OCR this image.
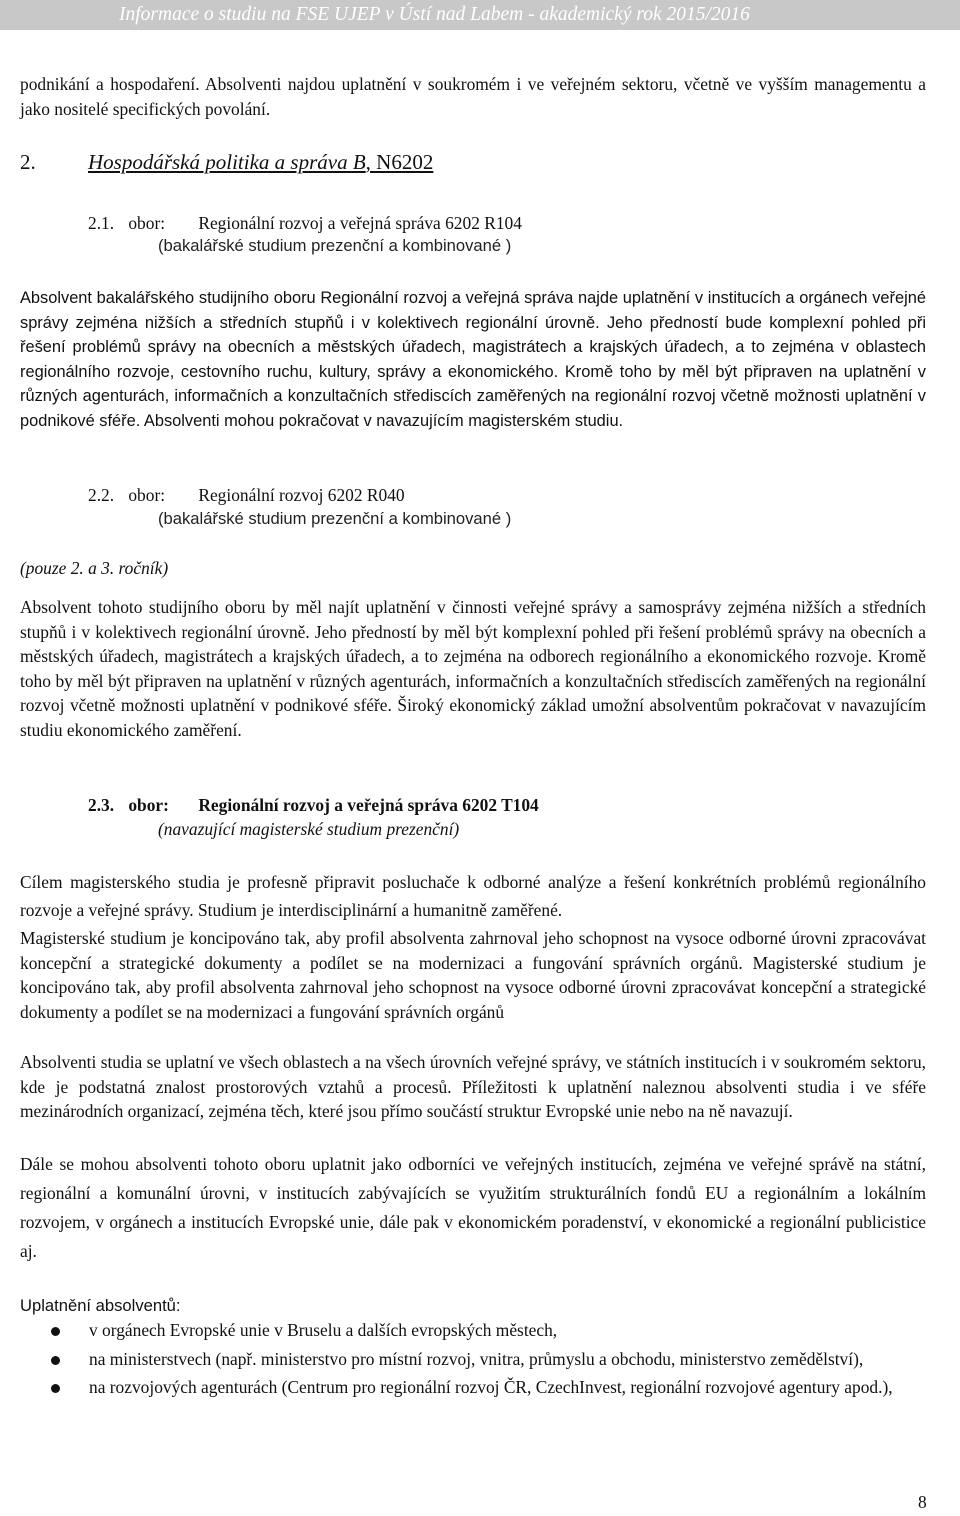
Informace o studiu na FSE UJEP v Ústí nad Labem - akademický rok 2015/2016

podnikání a hospodaření. Absolventi najdou uplatnění v soukromém i ve veřejném sektoru, včetně ve vyšším managementu a jako nositelé specifických povolání.

2. Hospodářská politika a správa B, N6202
2.1. obor: Regionální rozvoj a veřejná správa 6202 R104
(bakalářské studium prezenční a kombinované )

Absolvent bakalářského studijního oboru Regionální rozvoj a veřejná správa najde uplatnění v institucích a orgánech veřejné správy zejména nižších a středních stupňů i v kolektivech regionální úrovně. Jeho předností bude komplexní pohled při řešení problémů správy na obecních a městských úřadech, magistrátech a krajských úřadech, a to zejména v oblastech regionálního rozvoje, cestovního ruchu, kultury, správy a ekonomického. Kromě toho by měl být připraven na uplatnění v různých agenturách, informačních a konzultačních střediscích zaměřených na regionální rozvoj včetně možnosti uplatnění v podnikové sféře. Absolventi mohou pokračovat v navazujícím magisterském studiu.

2.2. obor: Regionální rozvoj 6202 R040
(bakalářské studium prezenční a kombinované )
(pouze 2. a 3. ročník)

Absolvent tohoto studijního oboru by měl najít uplatnění v činnosti veřejné správy a samosprávy zejména nižších a středních stupňů i v kolektivech regionální úrovně. Jeho předností by měl být komplexní pohled při řešení problémů správy na obecních a městských úřadech, magistrátech a krajských úřadech, a to zejména na odborech regionálního a ekonomického rozvoje. Kromě toho by měl být připraven na uplatnění v různých agenturách, informačních a konzultačních střediscích zaměřených na regionální rozvoj včetně možnosti uplatnění v podnikové sféře. Široký ekonomický základ umožní absolventům pokračovat v navazujícím studiu ekonomického zaměření.

2.3. obor: Regionální rozvoj a veřejná správa 6202 T104
(navazující magisterské studium prezenční)

Cílem magisterského studia je profesně připravit posluchače k odborné analýze a řešení konkrétních problémů regionálního rozvoje a veřejné správy. Studium je interdisciplinární a humanitně zaměřené.

Magisterské studium je koncipováno tak, aby profil absolventa zahrnoval jeho schopnost na vysoce odborné úrovni zpracovávat koncepční a strategické dokumenty a podílet se na modernizaci a fungování správních orgánů. Magisterské studium je koncipováno tak, aby profil absolventa zahrnoval jeho schopnost na vysoce odborné úrovni zpracovávat koncepční a strategické dokumenty a podílet se na modernizaci a fungování správních orgánů

Absolventi studia se uplatní ve všech oblastech a na všech úrovních veřejné správy, ve státních institucích i v soukromém sektoru, kde je podstatná znalost prostorových vztahů a procesů. Příležitosti k uplatnění naleznou absolventi studia i ve sféře mezinárodních organizací, zejména těch, které jsou přímo součástí struktur Evropské unie nebo na ně navazují.

Dále se mohou absolventi tohoto oboru uplatnit jako odborníci ve veřejných institucích, zejména ve veřejné správě na státní, regionální a komunální úrovni, v institucích zabývajících se využitím strukturálních fondů EU a regionálním a lokálním rozvojem, v orgánech a institucích Evropské unie, dále pak v ekonomickém poradenství, v ekonomické a regionální publicistice aj.

Uplatnění absolventů:
v orgánech Evropské unie v Bruselu a dalších evropských městech,
na ministerstvech (např. ministerstvo pro místní rozvoj, vnitra, průmyslu a obchodu, ministerstvo zemědělství),
na rozvojových agenturách (Centrum pro regionální rozvoj ČR, CzechInvest, regionální rozvojové agentury apod.),
8
